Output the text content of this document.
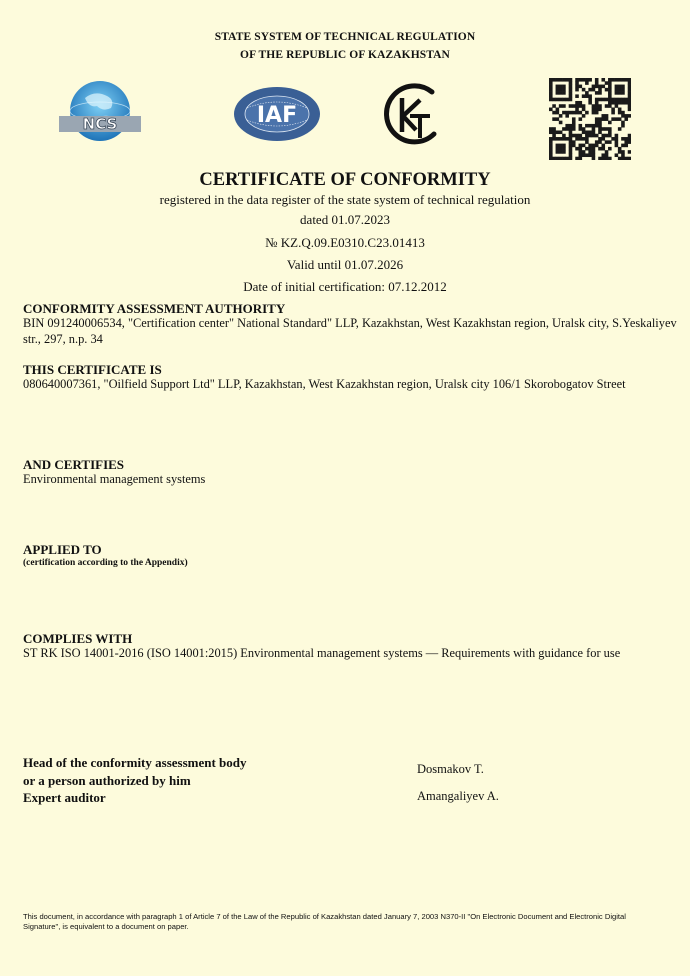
STATE SYSTEM OF TECHNICAL REGULATION
OF THE REPUBLIC OF KAZAKHSTAN
NCS	IAF
CERTIFICATE OF CONFORMITY
registered in the data register of the state system of technical regulation
dated 01.07.2023
№ KZ.Q.09.E0310.C23.01413
Valid until 01.07.2026
Date of initial certification: 07.12.2012
CONFORMITY ASSESSMENT AUTHORITY
BIN 091240006534, "Certification center" National Standard" LLP, Kazakhstan, West Kazakhstan region, Uralsk city, S.Yeskaliyev str., 297, n.p. 34
THIS CERTIFICATE IS
080640007361, "Oilfield Support Ltd" LLP, Kazakhstan, West Kazakhstan region, Uralsk city 106/1 Skorobogatov Street
AND CERTIFIES
Environmental management systems
APPLIED TO
(certification according to the Appendix)
COMPLIES WITH
ST RK ISO 14001-2016 (ISO 14001:2015) Environmental management systems — Requirements with guidance for use
Head of the conformity assessment body
or a person authorized by him
Expert auditor
Dosmakov T.
Amangaliyev A.
This document, in accordance with paragraph 1 of Article 7 of the Law of the Republic of Kazakhstan dated January 7, 2003 N370-II "On Electronic Document and Electronic Digital Signature", is equivalent to a document on paper.
